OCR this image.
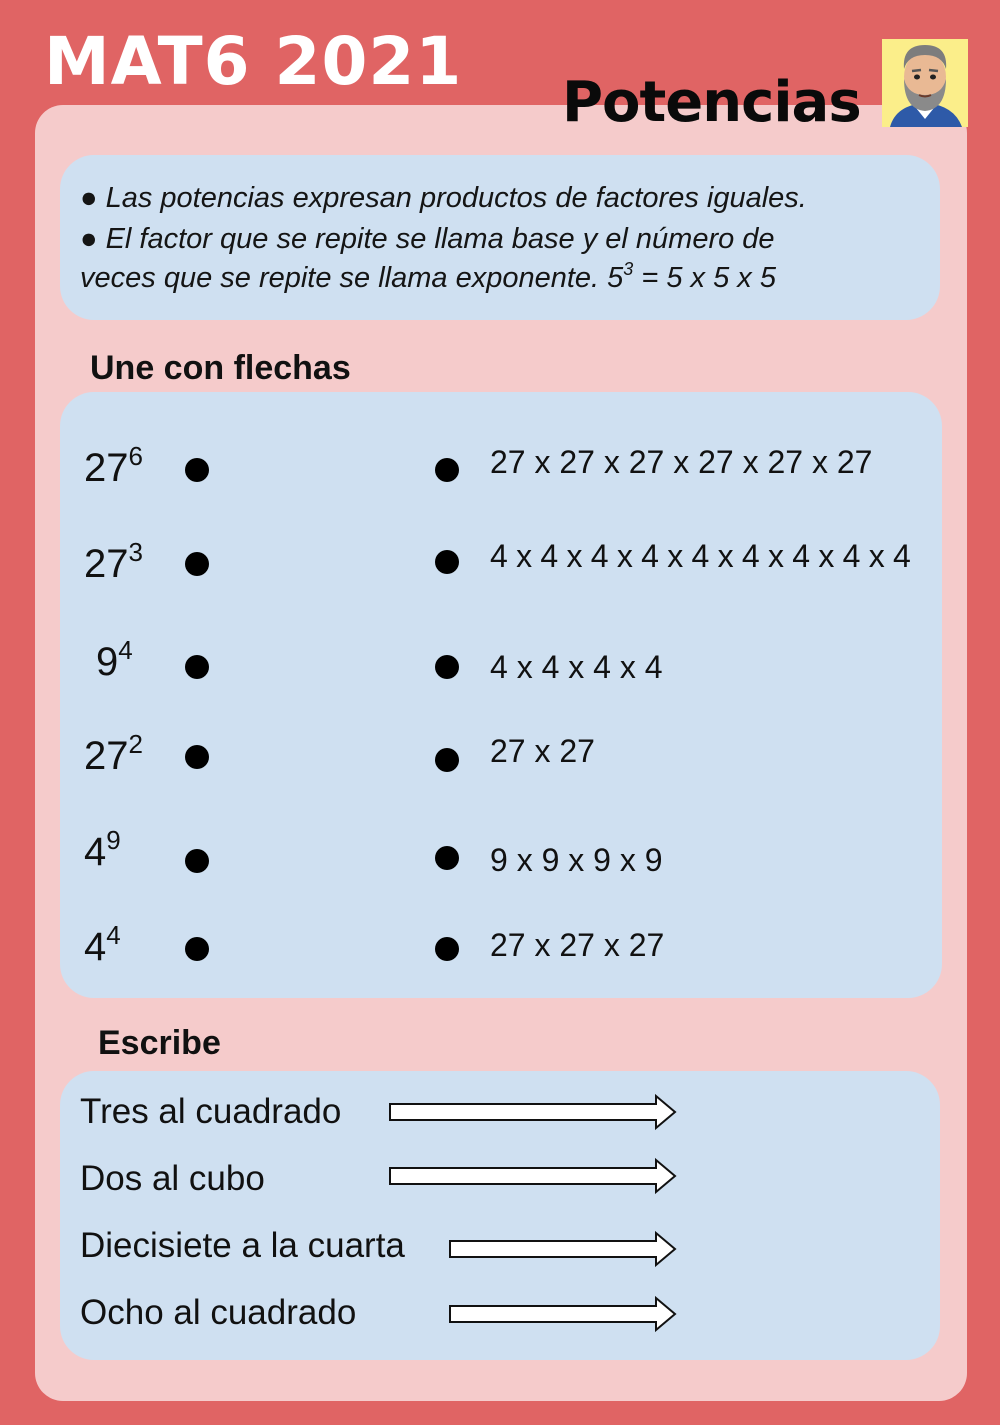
MAT6 2021
Potencias

● Las potencias expresan productos de factores iguales.

● El factor que se repite se llama base y el número de

veces que se repite se llama exponente. $5^3 = 5$ x 5 x 5

Une con flechas
$27^6$
$27^3$
$9^4$
$27^2$
$4^9$
$4^4$
27 x 27 x 27 x 27 x 27 x 27
4 x 4 x 4 x 4 x 4 x 4 x 4 x 4 x 4
4 x 4 x 4 x 4
27 x 27
9 x 9 x 9 x 9
27 x 27 x 27
Escribe
Tres al cuadrado
Dos al cubo
Diecisiete a la cuarta
Ocho al cuadrado
